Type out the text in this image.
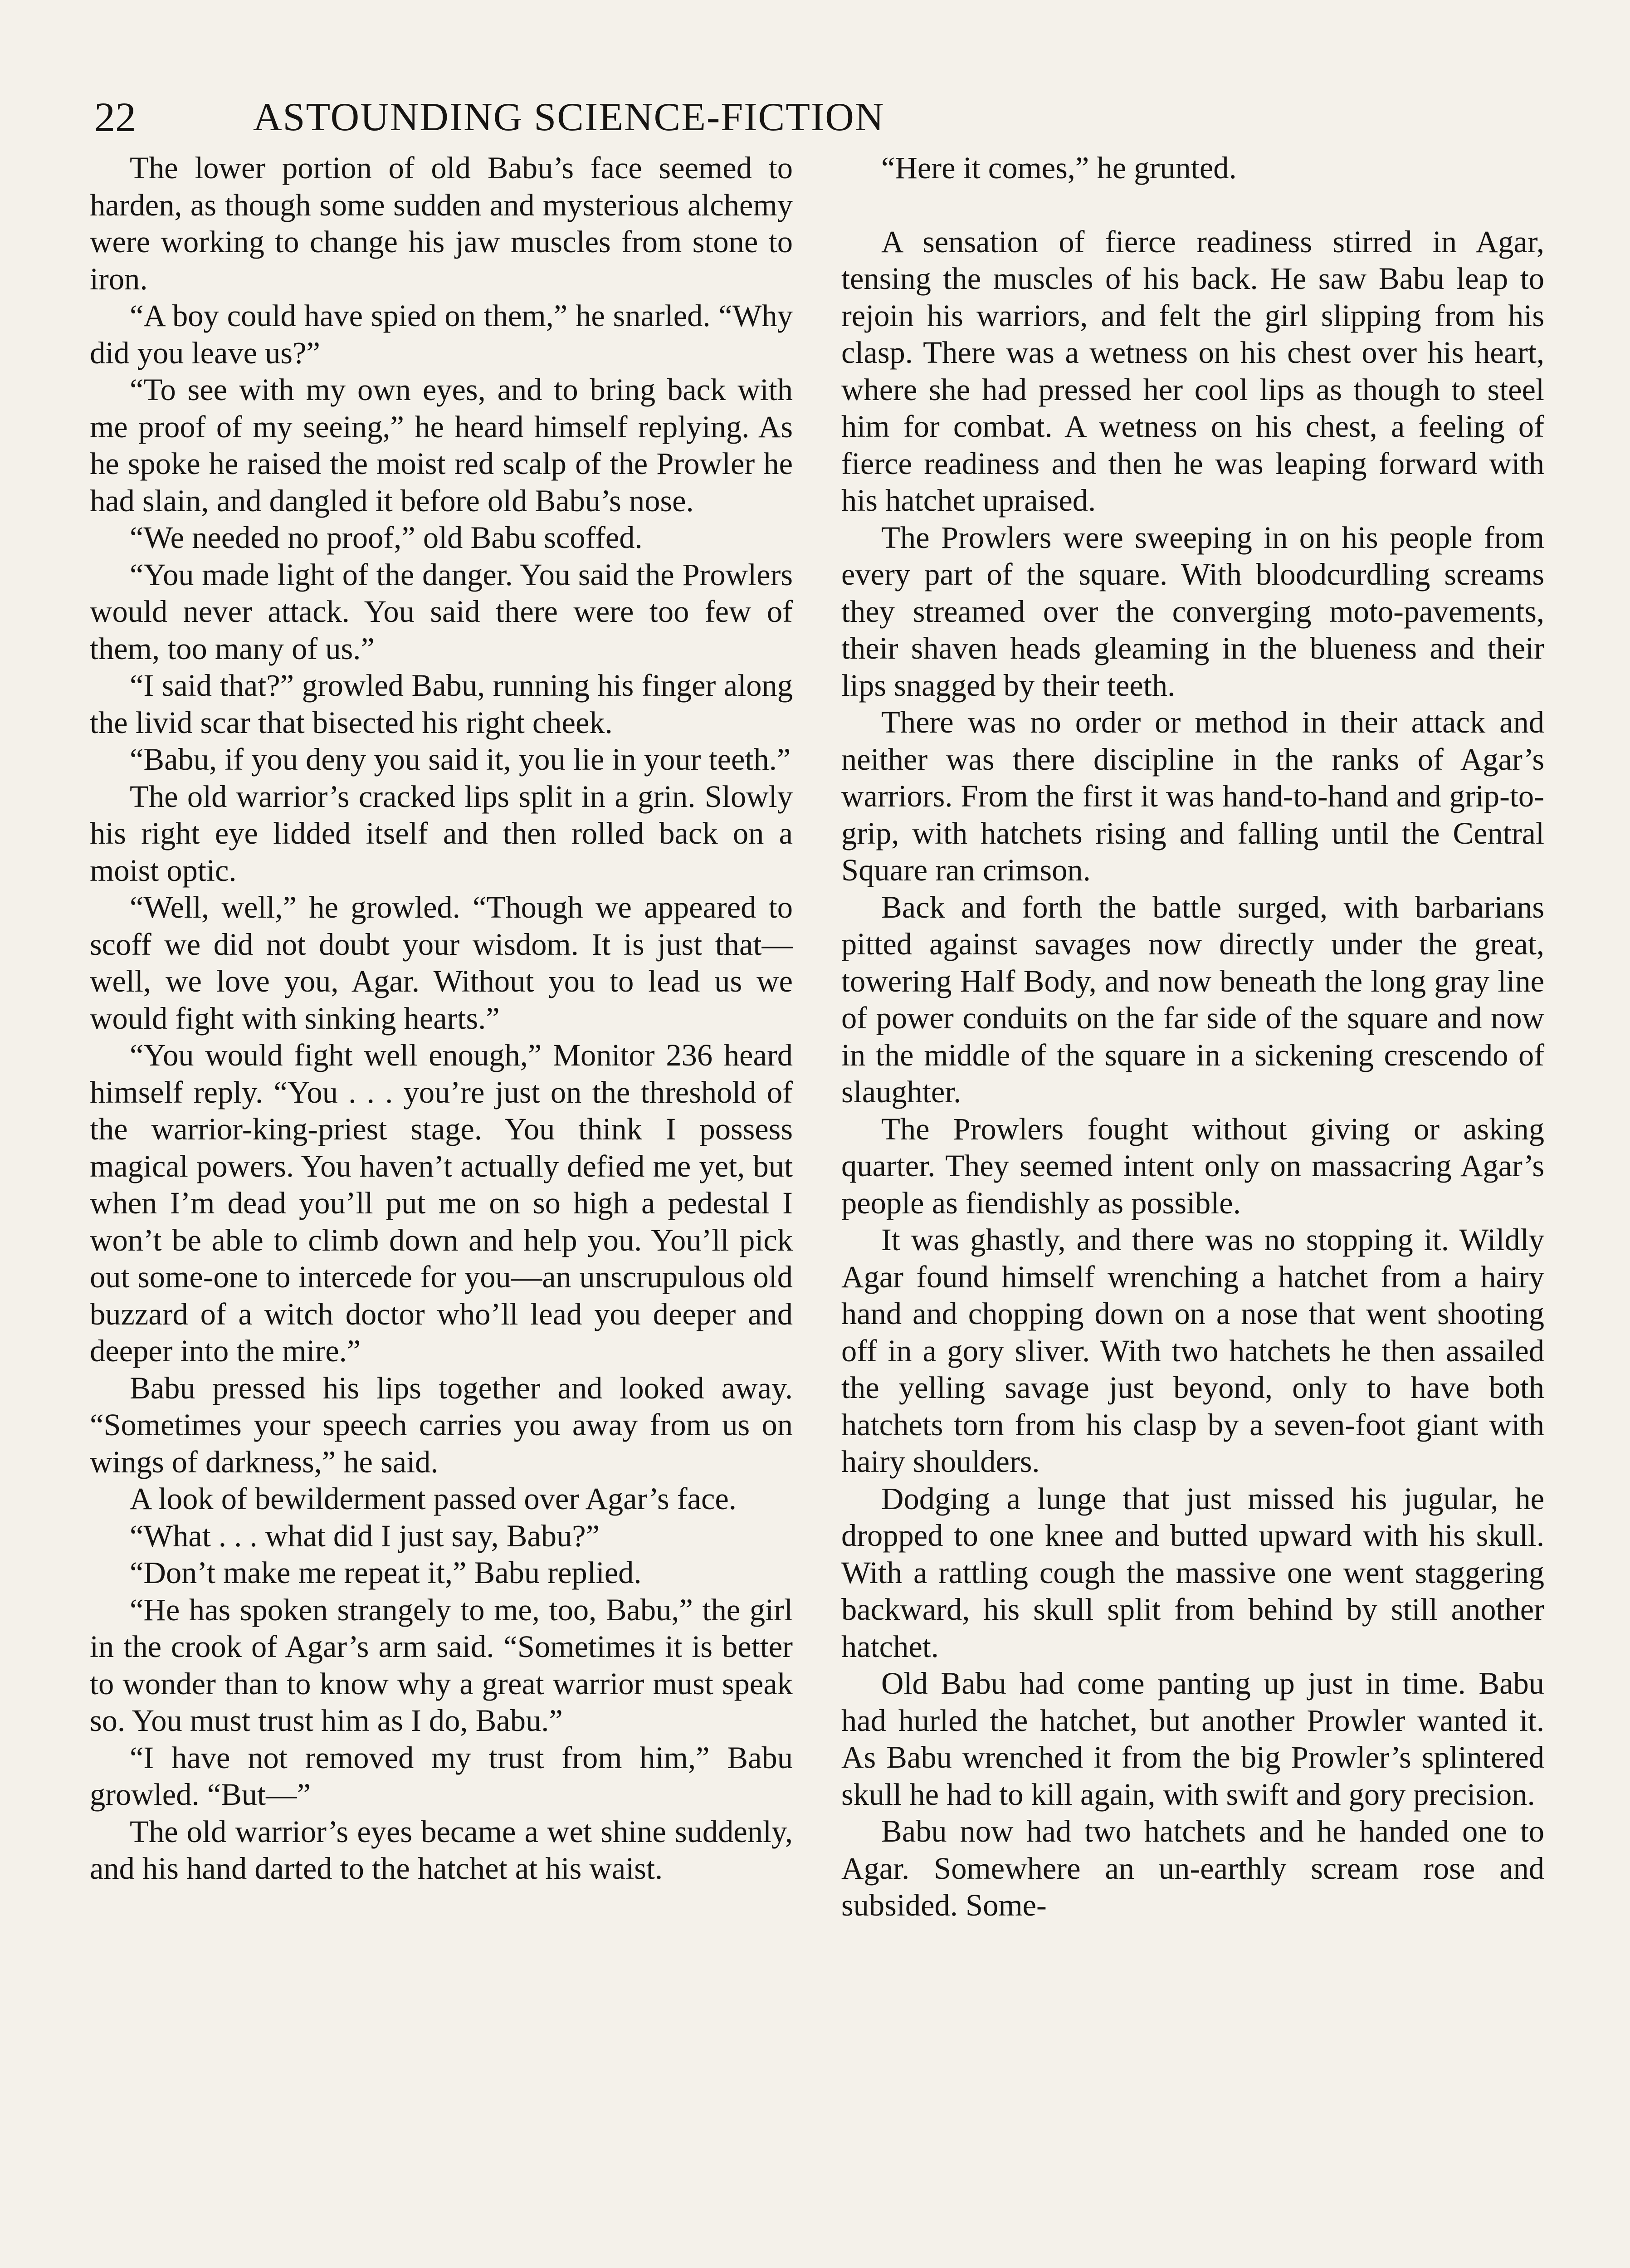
22	ASTOUNDING SCIENCE-FICTION

The lower portion of old Babu’s face seemed to harden, as though some sudden and mysterious alchemy were working to change his jaw muscles from stone to iron.

“A boy could have spied on them,” he snarled. “Why did you leave us?”

“To see with my own eyes, and to bring back with me proof of my seeing,” he heard himself replying. As he spoke he raised the moist red scalp of the Prowler he had slain, and dangled it before old Babu’s nose.

“We needed no proof,” old Babu scoffed.

“You made light of the danger. You said the Prowlers would never attack. You said there were too few of them, too many of us.”

“I said that?” growled Babu, running his finger along the livid scar that bisected his right cheek.

“Babu, if you deny you said it, you lie in your teeth.”

The old warrior’s cracked lips split in a grin. Slowly his right eye lidded itself and then rolled back on a moist optic.

“Well, well,” he growled. “Though we appeared to scoff we did not doubt your wisdom. It is just that—well, we love you, Agar. Without you to lead us we would fight with sinking hearts.”

“You would fight well enough,” Monitor 236 heard himself reply. “You . . . you’re just on the threshold of the warrior-king-priest stage. You think I possess magical powers. You haven’t actually defied me yet, but when I’m dead you’ll put me on so high a pedestal I won’t be able to climb down and help you. You’ll pick out some-one to intercede for you—an unscrupulous old buzzard of a witch doctor who’ll lead you deeper and deeper into the mire.”

Babu pressed his lips together and looked away. “Sometimes your speech carries you away from us on wings of darkness,” he said.

A look of bewilderment passed over Agar’s face.

“What . . . what did I just say, Babu?”

“Don’t make me repeat it,” Babu replied.

“He has spoken strangely to me, too, Babu,” the girl in the crook of Agar’s arm said. “Sometimes it is better to wonder than to know why a great warrior must speak so. You must trust him as I do, Babu.”

“I have not removed my trust from him,” Babu growled. “But—”

The old warrior’s eyes became a wet shine suddenly, and his hand darted to the hatchet at his waist.

“Here it comes,” he grunted.

A sensation of fierce readiness stirred in Agar, tensing the muscles of his back. He saw Babu leap to rejoin his warriors, and felt the girl slipping from his clasp. There was a wetness on his chest over his heart, where she had pressed her cool lips as though to steel him for combat. A wetness on his chest, a feeling of fierce readiness and then he was leaping forward with his hatchet upraised.

The Prowlers were sweeping in on his people from every part of the square. With bloodcurdling screams they streamed over the converging moto-pavements, their shaven heads gleaming in the blueness and their lips snagged by their teeth.

There was no order or method in their attack and neither was there discipline in the ranks of Agar’s warriors. From the first it was hand-to-hand and grip-to-grip, with hatchets rising and falling until the Central Square ran crimson.

Back and forth the battle surged, with barbarians pitted against savages now directly under the great, towering Half Body, and now beneath the long gray line of power conduits on the far side of the square and now in the middle of the square in a sickening crescendo of slaughter.

The Prowlers fought without giving or asking quarter. They seemed intent only on massacring Agar’s people as fiendishly as possible.

It was ghastly, and there was no stopping it. Wildly Agar found himself wrenching a hatchet from a hairy hand and chopping down on a nose that went shooting off in a gory sliver. With two hatchets he then assailed the yelling savage just beyond, only to have both hatchets torn from his clasp by a seven-foot giant with hairy shoulders.

Dodging a lunge that just missed his jugular, he dropped to one knee and butted upward with his skull. With a rattling cough the massive one went staggering backward, his skull split from behind by still another hatchet.

Old Babu had come panting up just in time. Babu had hurled the hatchet, but another Prowler wanted it. As Babu wrenched it from the big Prowler’s splintered skull he had to kill again, with swift and gory precision.

Babu now had two hatchets and he handed one to Agar. Somewhere an un-earthly scream rose and subsided. Some-
